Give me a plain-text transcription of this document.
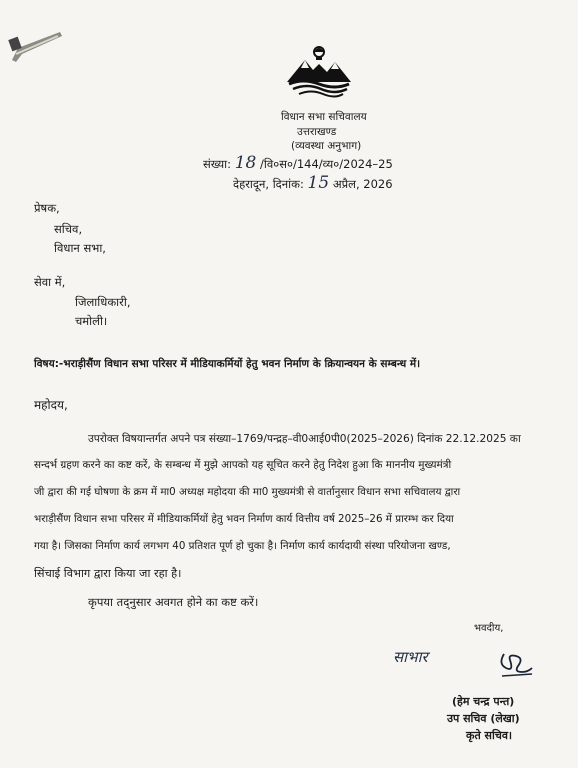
विधान सभा सचिवालय
उत्तराखण्ड
(व्यवस्था अनुभाग)
संख्या: 18 /वि०स०/144/व्य०/2024–25
देहरादून, दिनांक: 15 अप्रैल, 2026
प्रेषक,
सचिव,
विधान सभा,
सेवा में,
जिलाधिकारी,
चमोली।
विषय:-भराड़ीसैंण विधान सभा परिसर में मीडियाकर्मियों हेतु भवन निर्माण के क्रियान्वयन के सम्बन्ध में।
महोदय,
उपरोक्त विषयान्तर्गत अपने पत्र संख्या–1769/पन्द्रह–वी0आई0पी0(2025–2026) दिनांक 22.12.2025 का
सन्दर्भ ग्रहण करने का कष्ट करें, के सम्बन्ध में मुझे आपको यह सूचित करने हेतु निदेश हुआ कि माननीय मुख्यमंत्री
जी द्वारा की गई घोषणा के क्रम में मा0 अध्यक्ष महोदया की मा0 मुख्यमंत्री से वार्तानुसार विधान सभा सचिवालय द्वारा
भराड़ीसैंण विधान सभा परिसर में मीडियाकर्मियों हेतु भवन निर्माण कार्य वित्तीय वर्ष 2025–26 में प्रारम्भ कर दिया
गया है। जिसका निर्माण कार्य लगभग 40 प्रतिशत पूर्ण हो चुका है। निर्माण कार्य कार्यदायी संस्था परियोजना खण्ड,
सिंचाई विभाग द्वारा किया जा रहा है।
कृपया तद्नुसार अवगत होने का कष्ट करें।
भवदीय,
साभार
(हेम चन्द्र पन्त)
उप सचिव (लेखा)
कृते सचिव।
